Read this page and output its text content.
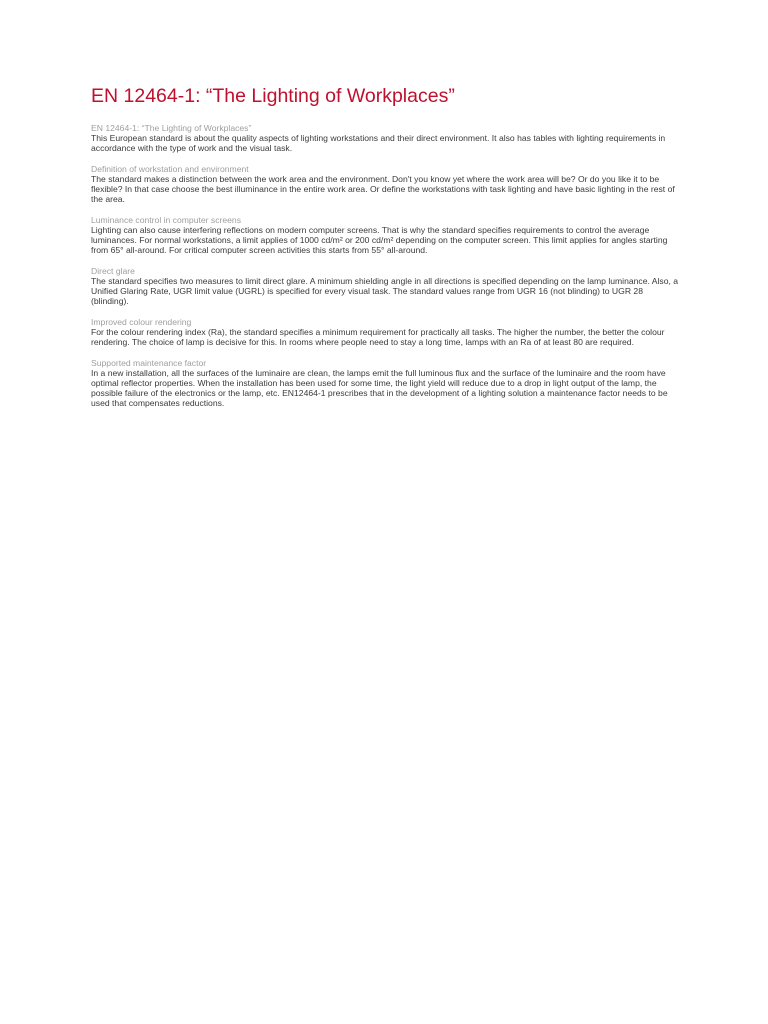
EN 12464-1: “The Lighting of Workplaces”

EN 12464-1: “The Lighting of Workplaces”

This European standard is about the quality aspects of lighting workstations and their direct environment. It also has tables with lighting requirements in accordance with the type of work and the visual task.

Definition of workstation and environment

The standard makes a distinction between the work area and the environment. Don't you know yet where the work area will be? Or do you like it to be flexible? In that case choose the best illuminance in the entire work area. Or define the workstations with task lighting and have basic lighting in the rest of the area.

Luminance control in computer screens

Lighting can also cause interfering reflections on modern computer screens. That is why the standard specifies requirements to control the average luminances. For normal workstations, a limit applies of 1000 cd/m² or 200 cd/m² depending on the computer screen. This limit applies for angles starting from 65° all-around. For critical computer screen activities this starts from 55° all-around.

Direct glare

The standard specifies two measures to limit direct glare. A minimum shielding angle in all directions is specified depending on the lamp luminance. Also, a Unified Glaring Rate, UGR limit value (UGRL) is specified for every visual task. The standard values range from UGR 16 (not blinding) to UGR 28 (blinding).

Improved colour rendering

For the colour rendering index (Ra), the standard specifies a minimum requirement for practically all tasks. The higher the number, the better the colour rendering. The choice of lamp is decisive for this. In rooms where people need to stay a long time, lamps with an Ra of at least 80 are required.

Supported maintenance factor

In a new installation, all the surfaces of the luminaire are clean, the lamps emit the full luminous flux and the surface of the luminaire and the room have optimal reflector properties. When the installation has been used for some time, the light yield will reduce due to a drop in light output of the lamp, the possible failure of the electronics or the lamp, etc. EN12464-1 prescribes that in the development of a lighting solution a maintenance factor needs to be used that compensates reductions.
